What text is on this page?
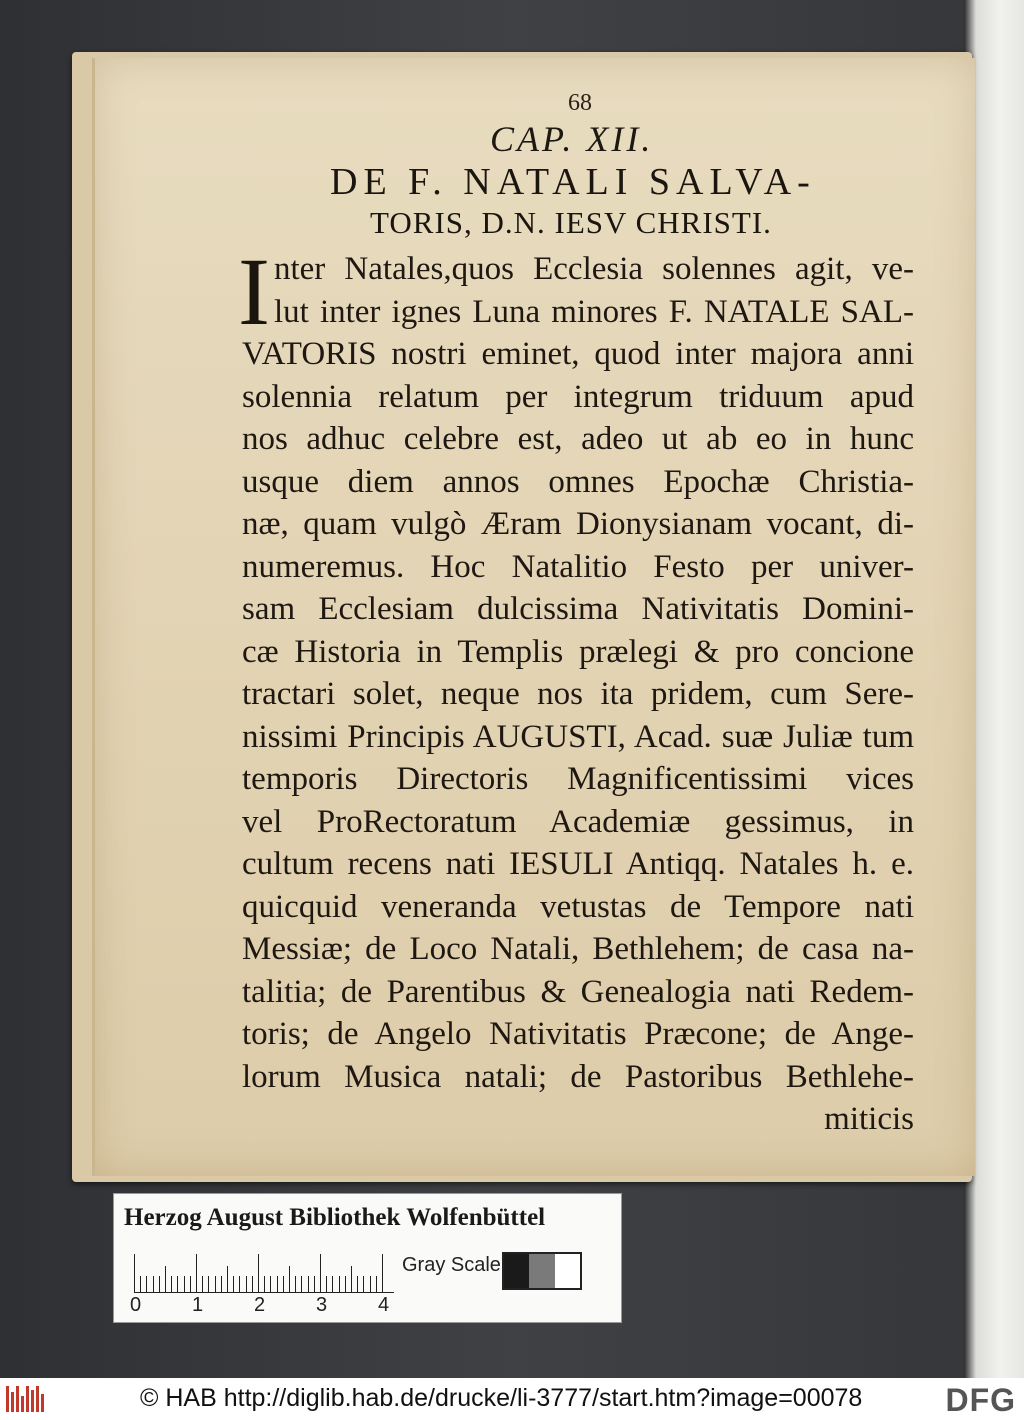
68
CAP. XII.
DE F. NATALI SALVA-
TORIS, D.N. IESV CHRISTI.
I nter Natales,quos Ecclesia solennes agit, ve-
lut inter ignes Luna minores F. NATALE SAL-
VATORIS nostri eminet, quod inter majora anni
solennia relatum per integrum triduum apud
nos adhuc celebre est, adeo ut ab eo in hunc
usque diem annos omnes Epochæ Christia-
næ, quam vulgò Æram Dionysianam vocant, di-
numeremus. Hoc Natalitio Festo per univer-
sam Ecclesiam dulcissima Nativitatis Domini-
cæ Historia in Templis prælegi & pro concione
tractari solet, neque nos ita pridem, cum Sere-
nissimi Principis AUGUSTI, Acad. suæ Juliæ tum
temporis Directoris Magnificentissimi vices
vel ProRectoratum Academiæ gessimus, in
cultum recens nati IESULI Antiqq. Natales h. e.
quicquid veneranda vetustas de Tempore nati
Messiæ; de Loco Natali, Bethlehem; de casa na-
talitia; de Parentibus & Genealogia nati Redem-
toris; de Angelo Nativitatis Præcone; de Ange-
lorum Musica natali; de Pastoribus Bethlehe-
miticis
Herzog August Bibliothek Wolfenbüttel
0	1	2	3	4
Gray Scale
© HAB http://diglib.hab.de/drucke/li-3777/start.htm?image=00078	DFG
